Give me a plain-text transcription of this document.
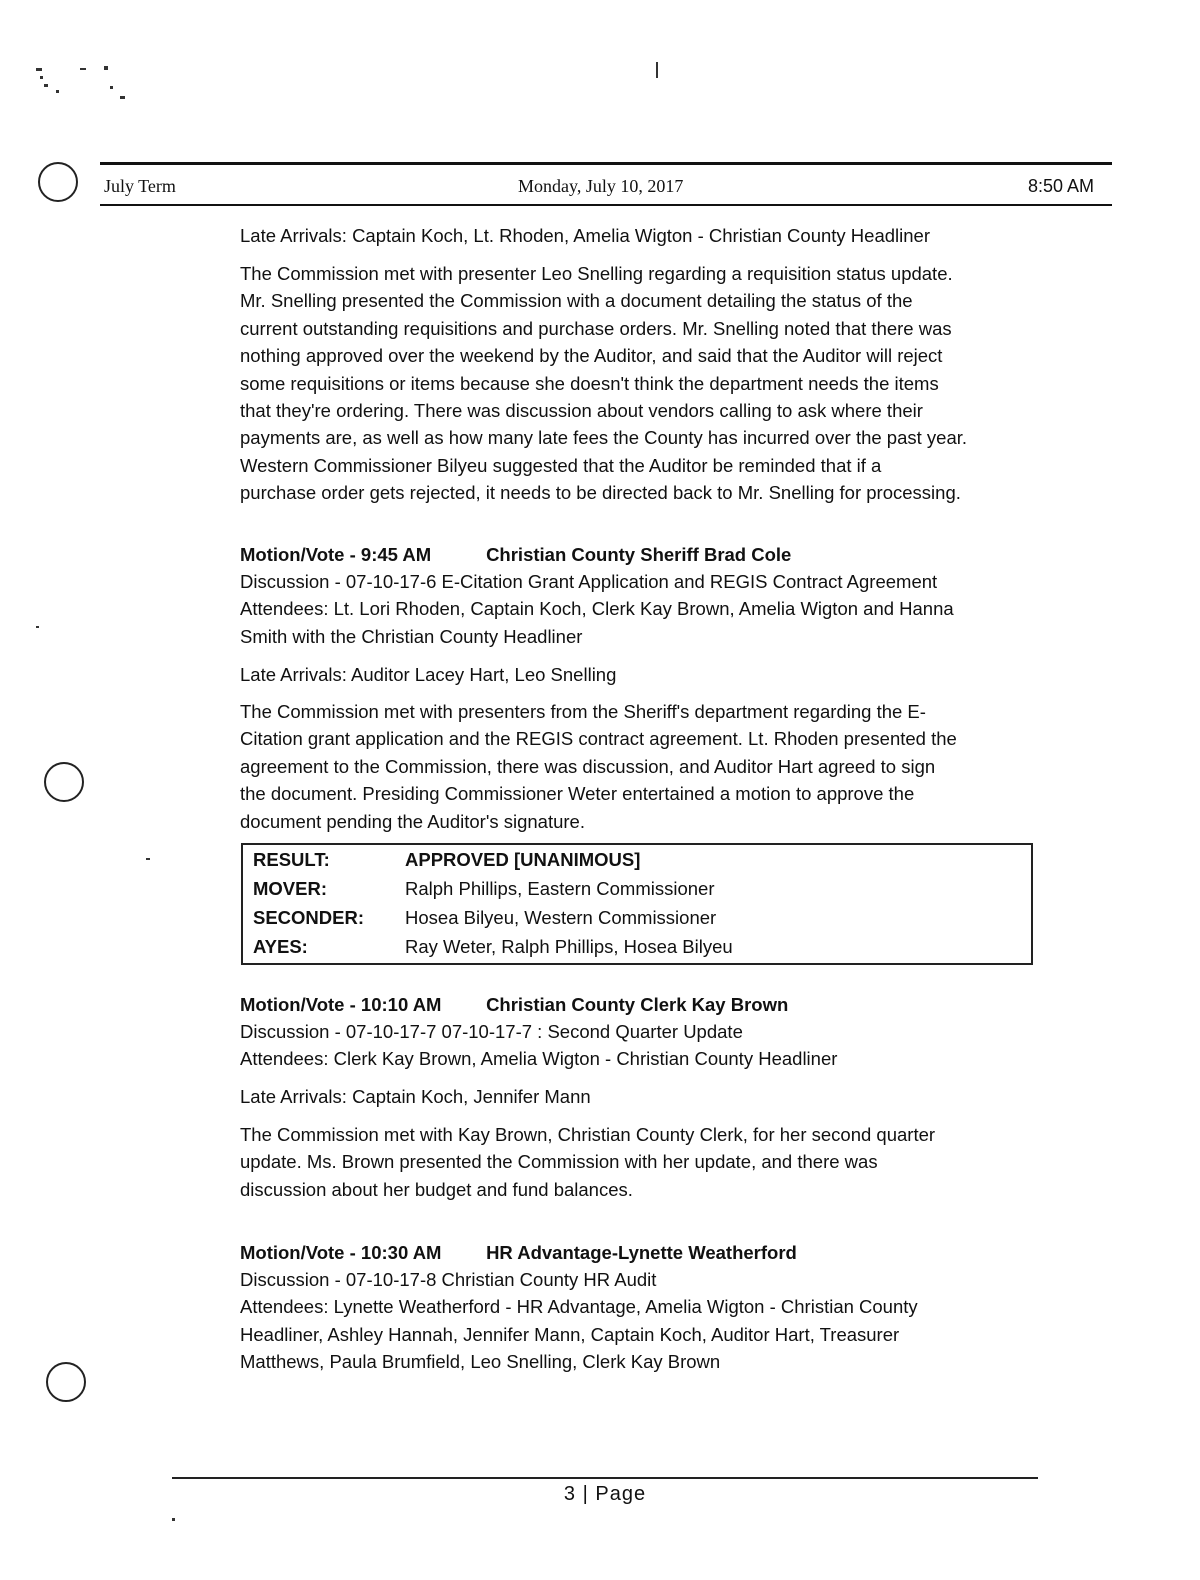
July Term	Monday, July 10, 2017	8:50 AM

Late Arrivals: Captain Koch, Lt. Rhoden, Amelia Wigton - Christian County Headliner

The Commission met with presenter Leo Snelling regarding a requisition status update.

Mr. Snelling presented the Commission with a document detailing the status of the

current outstanding requisitions and purchase orders. Mr. Snelling noted that there was

nothing approved over the weekend by the Auditor, and said that the Auditor will reject

some requisitions or items because she doesn't think the department needs the items

that they're ordering. There was discussion about vendors calling to ask where their

payments are, as well as how many late fees the County has incurred over the past year.

Western Commissioner Bilyeu suggested that the Auditor be reminded that if a

purchase order gets rejected, it needs to be directed back to Mr. Snelling for processing.

Motion/Vote - 9:45 AM	Christian County Sheriff Brad Cole

Discussion - 07-10-17-6 E-Citation Grant Application and REGIS Contract Agreement

Attendees: Lt. Lori Rhoden, Captain Koch, Clerk Kay Brown, Amelia Wigton and Hanna

Smith with the Christian County Headliner

Late Arrivals: Auditor Lacey Hart, Leo Snelling

The Commission met with presenters from the Sheriff's department regarding the E-

Citation grant application and the REGIS contract agreement. Lt. Rhoden presented the

agreement to the Commission, there was discussion, and Auditor Hart agreed to sign

the document. Presiding Commissioner Weter entertained a motion to approve the

document pending the Auditor's signature.

RESULT:	APPROVED [UNANIMOUS]
MOVER:	Ralph Phillips, Eastern Commissioner
SECONDER: Hosea Bilyeu, Western Commissioner
AYES:	Ray Weter, Ralph Phillips, Hosea Bilyeu

Motion/Vote - 10:10 AM Christian County Clerk Kay Brown

Discussion - 07-10-17-7 07-10-17-7 : Second Quarter Update

Attendees: Clerk Kay Brown, Amelia Wigton - Christian County Headliner

Late Arrivals: Captain Koch, Jennifer Mann

The Commission met with Kay Brown, Christian County Clerk, for her second quarter

update. Ms. Brown presented the Commission with her update, and there was

discussion about her budget and fund balances.

Motion/Vote - 10:30 AM HR Advantage-Lynette Weatherford

Discussion - 07-10-17-8 Christian County HR Audit

Attendees: Lynette Weatherford - HR Advantage, Amelia Wigton - Christian County

Headliner, Ashley Hannah, Jennifer Mann, Captain Koch, Auditor Hart, Treasurer

Matthews, Paula Brumfield, Leo Snelling, Clerk Kay Brown

3 | Page
